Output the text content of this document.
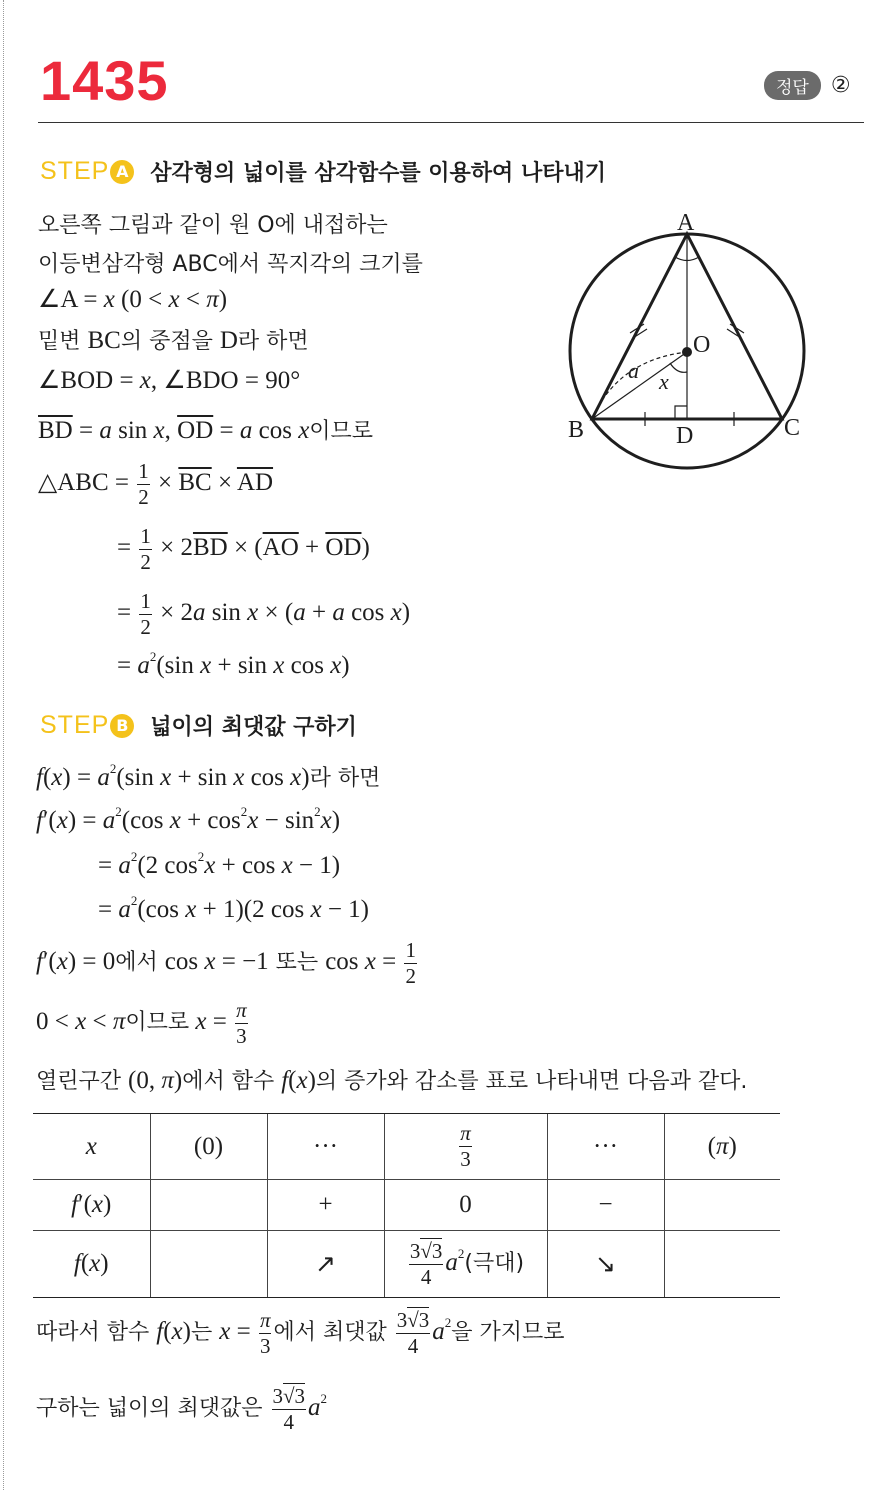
1435	정답	②
STEP A 삼각형의 넓이를 삼각함수를 이용하여 나타내기
오른쪽 그림과 같이 원 O에 내접하는
이등변삼각형 ABC에서 꼭지각의 크기를
∠A = x (0 < x < π)
밑변 BC의 중점을 D라 하면
∠BOD = x, ∠BDO = 90°
$\overline{BD} = a$ sin x, $\overline{OD} = a$ cos x이므로
△ABC = $\frac{1}{2} \times \overline{BC} \times \overline{AD}$
= $\frac{1}{2} \times 2\overline{BD} \times (\overline{AO} + \overline{OD})$
= $\frac{1}{2} \times 2a$ sin x × (a + a cos x)
= $a^2(\sin$ x + sin x cos x)
A
B	C
D
O
a x
STEP B 넓이의 최댓값 구하기
$f(x) = a^2(\sin$ x + sin x cos x)라 하면
$f'(x) = a^2(\cos$ $x + \cos^2x - \sin^2x$)
= $a^2(2$ $\cos^2x + \cos x - 1$)
= $a^2(\cos$ x + 1)(2 cos x − 1)
f′(x) = 0에서 cos x = −1 또는 $\cos x = \frac{1}{2}$
0 < x < π이므로 $x = \frac{\pi}{3}$
열린구간 (0, π)에서 함수 f(x)의 증가와 감소를 표로 나타내면 다음과 같다.
x	(0)	···	$\frac{\pi}{3}$	···	(π)
f′(x)		+	0	−	
f(x)		↗	$\frac{3√3}{4} a^2$(극대)	↘	
따라서 함수 f(x)는 $x = \frac{\pi}{3}$ 에서 최댓값 $\frac{3√3}{4} a^2$을 가지므로
구하는 넓이의 최댓값은 $\frac{3√3}{4} a^2$
